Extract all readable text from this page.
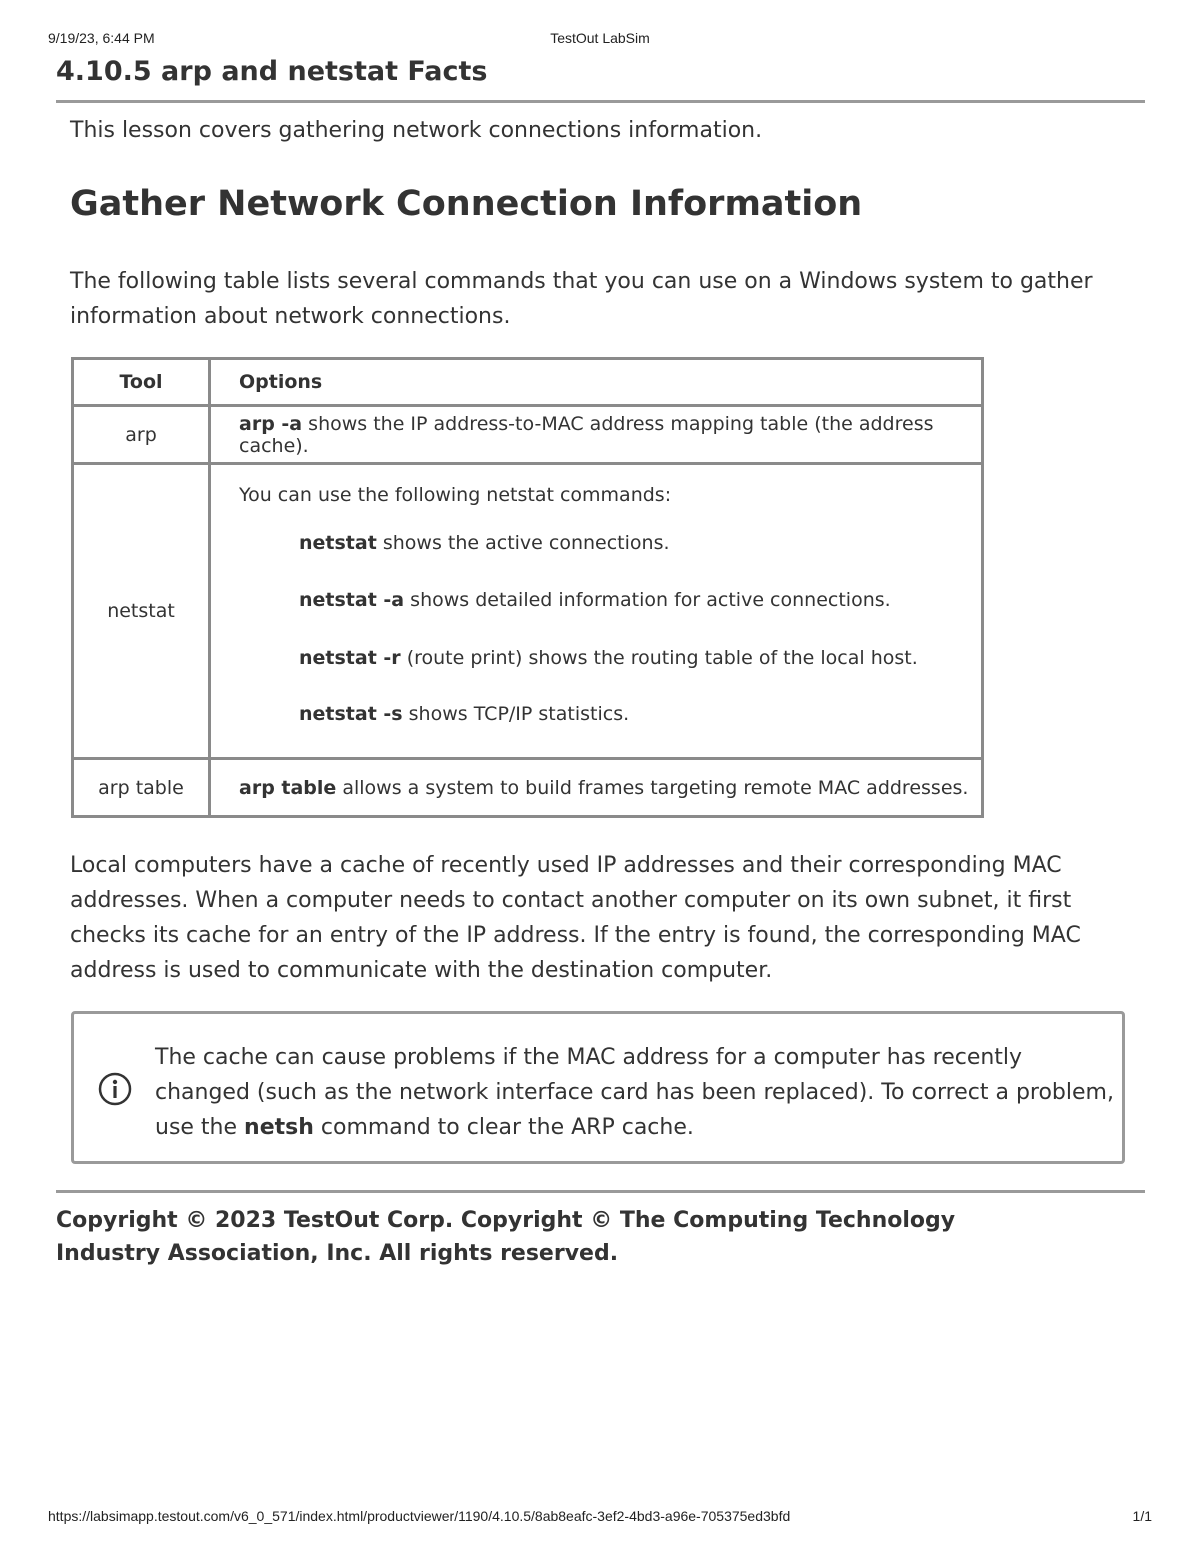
9/19/23, 6:44 PM	TestOut LabSim
4.10.5 arp and netstat Facts

This lesson covers gathering network connections information.

Gather Network Connection Information

The following table lists several commands that you can use on a Windows system to gather information about network connections.

Tool	Options
arp	arp -a shows the IP address-to-MAC address mapping table (the address cache).
netstat	You can use the following netstat commands:
netstat shows the active connections.
netstat -a shows detailed information for active connections.
netstat -r (route print) shows the routing table of the local host.
netstat -s shows TCP/IP statistics.

arp table	arp table allows a system to build frames targeting remote MAC addresses.

Local computers have a cache of recently used IP addresses and their corresponding MAC addresses. When a computer needs to contact another computer on its own subnet, it first checks its cache for an entry of the IP address. If the entry is found, the corresponding MAC address is used to communicate with the destination computer.

The cache can cause problems if the MAC address for a computer has recently changed (such as the network interface card has been replaced). To correct a problem, use the netsh command to clear the ARP cache.

Copyright © 2023 TestOut Corp. Copyright © The Computing Technology Industry Association, Inc. All rights reserved.

https://labsimapp.testout.com/v6_0_571/index.html/productviewer/1190/4.10.5/8ab8eafc-3ef2-4bd3-a96e-705375ed3bfd	1/1
